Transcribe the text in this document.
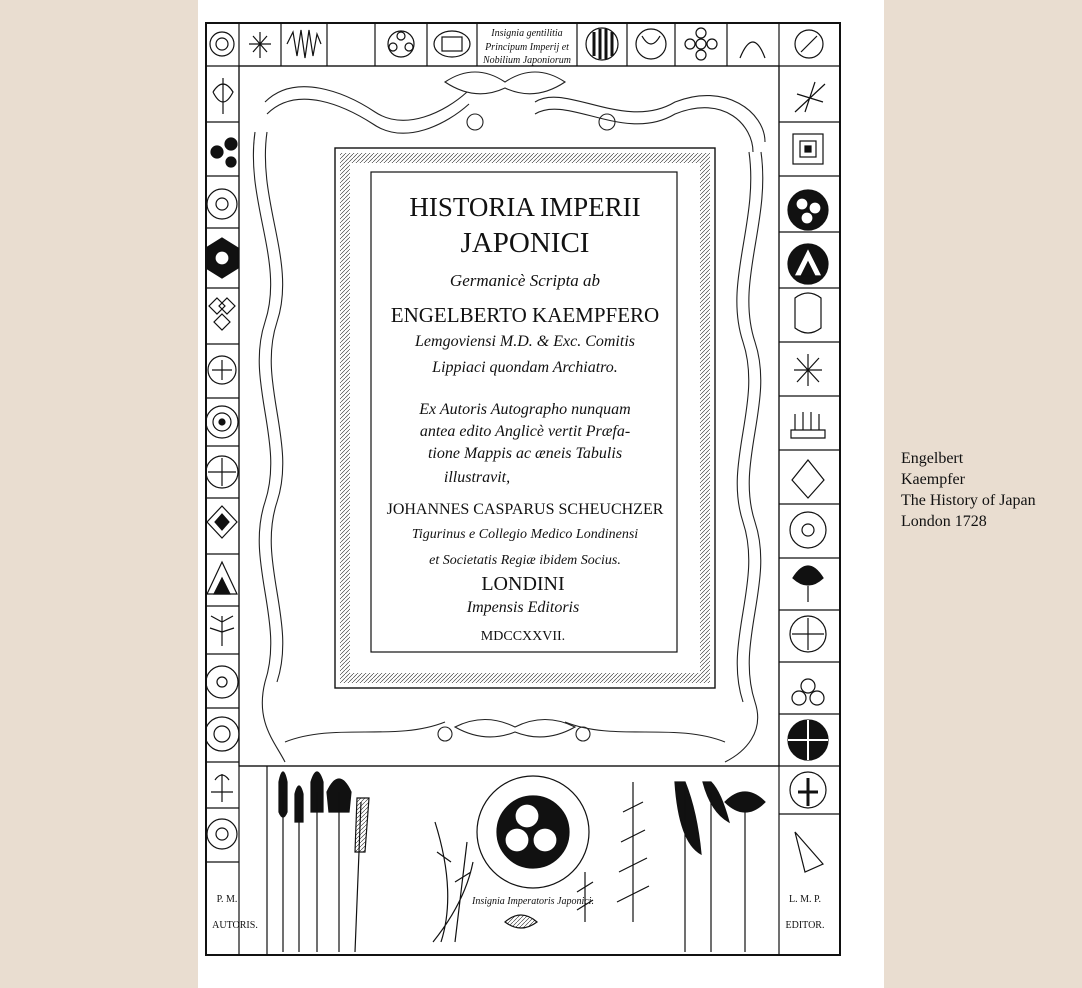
HISTORIA IMPERII
JAPONICI
Germanicè Scripta ab
ENGELBERTO KAEMPFERO
Lemgoviensi M.D. & Exc. Comitis
Lippiaci quondam Archiatro.
Ex Autoris Autographo nunquam
antea edito Anglicè vertit Præfa-
tione Mappis ac æneis Tabulis
illustravit,
JOHANNES CASPARUS SCHEUCHZER
Tigurinus e Collegio Medico Londinensi
et Societatis Regiæ ibidem Socius.
LONDINI
Impensis Editoris
MDCCXXVII.
Insignia gentilitia
Principum Imperij et
Nobilium Japoniorum
Insignia Imperatoris Japonici.
P. M.
AUTORIS.
L. M. P.
EDITOR.
Engelbert
Kaempfer
The History of Japan
London 1728
